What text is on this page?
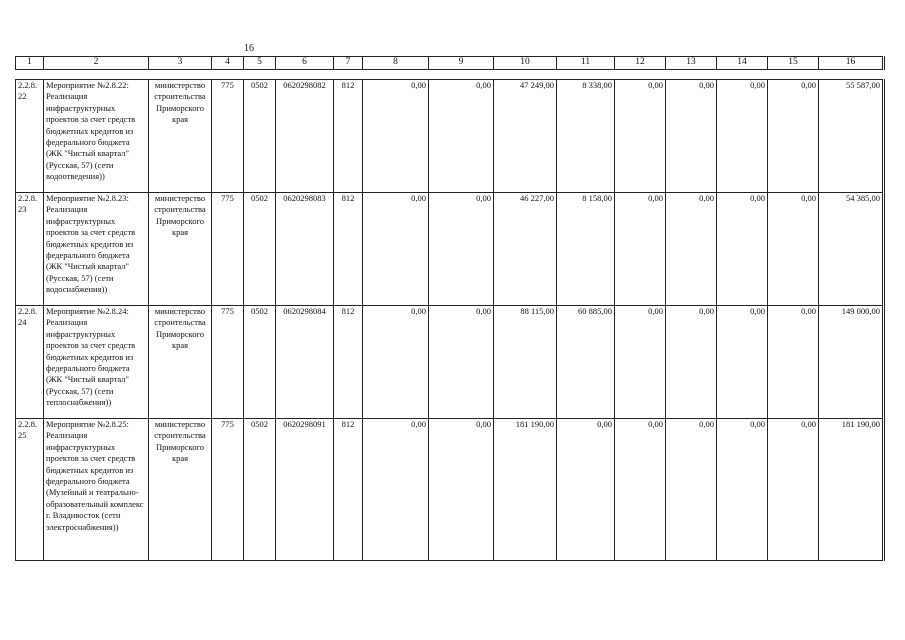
16
1	2	3	4	5	6	7	8	9	10	11	12	13	14	15	16
2.2.8.22	Мероприятие №2.8.22: Реализация инфраструктурных проектов за счет средств бюджетных кредитов из федерального бюджета (ЖК "Чистый квартал" (Русская, 57) (сети водоотведения))	министерство строительства Приморского края	775	0502	0620298082	812	0,00	0,00	47 249,00	8 338,00	0,00	0,00	0,00	0,00	55 587,00
2.2.8.23	Мероприятие №2.8.23: Реализация инфраструктурных проектов за счет средств бюджетных кредитов из федерального бюджета (ЖК "Чистый квартал" (Русская, 57) (сети водоснабжения))	министерство строительства Приморского края	775	0502	0620298083	812	0,00	0,00	46 227,00	8 158,00	0,00	0,00	0,00	0,00	54 385,00
2.2.8.24	Мероприятие №2.8.24: Реализация инфраструктурных проектов за счет средств бюджетных кредитов из федерального бюджета (ЖК "Чистый квартал" (Русская, 57) (сети теплоснабжения))	министерство строительства Приморского края	775	0502	0620298084	812	0,00	0,00	88 115,00	60 885,00	0,00	0,00	0,00	0,00	149 000,00
2.2.8.25	Мероприятие №2.8.25: Реализация инфраструктурных проектов за счет средств бюджетных кредитов из федерального бюджета (Музейный и театрально-образовательный комплекс г. Владивосток (сети электроснабжения))	министерство строительства Приморского края	775	0502	0620298091	812	0,00	0,00	181 190,00	0,00	0,00	0,00	0,00	0,00	181 190,00
